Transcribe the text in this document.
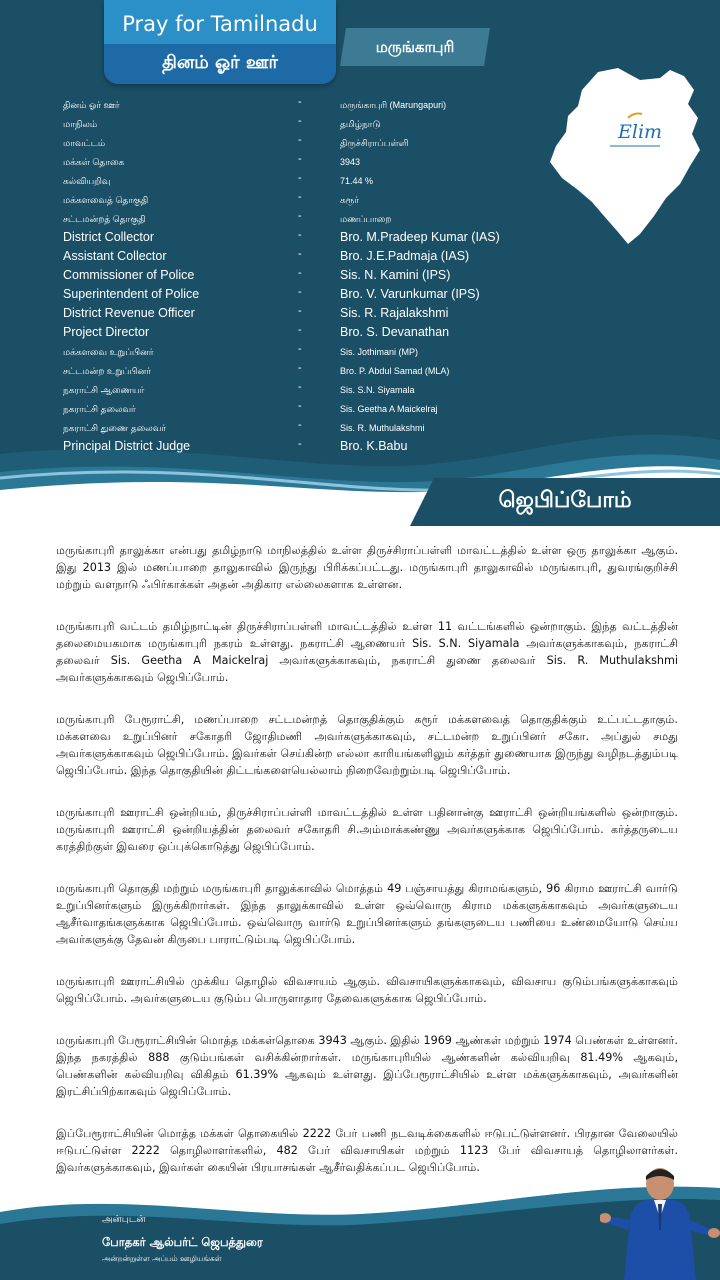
Pray for Tamilnadu
தினம் ஓர் ஊர்
மருங்காபுரி
தினம் ஓர் ஊர்	-	மருங்காபுரி (Marungapuri)
மாநிலம்	-	தமிழ்நாடு
மாவட்டம்	-	திருச்சிராப்பள்ளி
மக்கள் தொகை	-	3943
கல்வியறிவு	-	71.44 %
மக்களவைத் தொகுதி	-	கரூர்
சட்டமன்றத் தொகுதி	-	மணப்பாறை
District Collector	-	Bro. M.Pradeep Kumar (IAS)
Assistant Collector	-	Bro. J.E.Padmaja (IAS)
Commissioner of Police	-	Sis. N. Kamini (IPS)
Superintendent of Police	-	Bro. V. Varunkumar (IPS)
District Revenue Officer	-	Sis. R. Rajalakshmi
Project Director	-	Bro. S. Devanathan
மக்களவை உறுப்பினர்	-	Sis. Jothimani (MP)
சட்டமன்ற உறுப்பினர்	-	Bro. P. Abdul Samad (MLA)
நகராட்சி ஆணையர்	-	Sis. S.N. Siyamala
நகராட்சி தலைவர்	-	Sis. Geetha A Maickelraj
நகராட்சி துணை தலைவர்	-	Sis. R. Muthulakshmi
Principal District Judge	-	Bro. K.Babu
Elim
ஜெபிப்போம்

மருங்காபுரி தாலுக்கா என்பது தமிழ்நாடு மாநிலத்தில் உள்ள திருச்சிராப்பள்ளி மாவட்டத்தில் உள்ள ஒரு தாலுக்கா ஆகும். இது 2013 இல் மணப்பாறை தாலுகாவில் இருந்து பிரிக்கப்பட்டது. மருங்காபுரி தாலுகாவில் மருங்காபுரி, துவரங்குறிச்சி மற்றும் வளநாடு ஃபிர்காக்கள் அதன் அதிகார எல்லைகளாக உள்ளன.

மருங்காபுரி வட்டம் தமிழ்நாட்டின் திருச்சிராப்பள்ளி மாவட்டத்தில் உள்ள 11 வட்டங்களில் ஒன்றாகும். இந்த வட்டத்தின் தலைமையகமாக மருங்காபுரி நகரம் உள்ளது. நகராட்சி ஆணையர் Sis. S.N. Siyamala அவர்களுக்காகவும், நகராட்சி தலைவர் Sis. Geetha A Maickelraj அவர்களுக்காகவும், நகராட்சி துணை தலைவர் Sis. R. Muthulakshmi அவர்களுக்காகவும் ஜெபிப்போம்.

மருங்காபுரி பேரூராட்சி, மணப்பாறை சட்டமன்றத் தொகுதிக்கும் கரூர் மக்களவைத் தொகுதிக்கும் உட்பட்டதாகும். மக்களவை உறுப்பினர் சகோதரி ஜோதிமணி அவர்களுக்காகவும், சட்டமன்ற உறுப்பினர் சகோ. அப்துல் சமது அவர்களுக்காகவும் ஜெபிப்போம். இவர்கள் செய்கின்ற எல்லா காரியங்களிலும் கர்த்தர் துணையாக இருந்து வழிநடத்தும்படி ஜெபிப்போம். இந்த தொகுதியின் திட்டங்களையெல்லாம் நிறைவேற்றும்படி ஜெபிப்போம்.

மருங்காபுரி ஊராட்சி ஒன்றியம், திருச்சிராப்பள்ளி மாவட்டத்தில் உள்ள பதினான்கு ஊராட்சி ஒன்றியங்களில் ஒன்றாகும். மருங்காபுரி ஊராட்சி ஒன்றியத்தின் தலைவர் சகோதரி சி.அம்மாக்கண்ணு அவர்களுக்காக ஜெபிப்போம். கர்த்தருடைய கரத்திற்குள் இவரை ஒப்புக்கொடுத்து ஜெபிப்போம்.

மருங்காபுரி தொகுதி மற்றும் மருங்காபுரி தாலுக்காவில் மொத்தம் 49 பஞ்சாயத்து கிராமங்களும், 96 கிராம ஊராட்சி வார்டு உறுப்பினர்களும் இருக்கிறார்கள். இந்த தாலுக்காவில் உள்ள ஒவ்வொரு கிராம மக்களுக்காகவும் அவர்களுடைய ஆசீர்வாதங்களுக்காக ஜெபிப்போம். ஒவ்வொரு வார்டு உறுப்பினர்களும் தங்களுடைய பணியை உண்மையோடு செய்ய அவர்களுக்கு தேவன் கிருபை பாராட்டும்படி ஜெபிப்போம்.

மருங்காபுரி ஊராட்சியில் முக்கிய தொழில் விவசாயம் ஆகும். விவசாயிகளுக்காகவும், விவசாய குடும்பங்களுக்காகவும் ஜெபிப்போம். அவர்களுடைய குடும்ப பொருளாதார தேவைகளுக்காக ஜெபிப்போம்.

மருங்காபுரி பேரூராட்சியின் மொத்த மக்கள்தொகை 3943 ஆகும். இதில் 1969 ஆண்கள் மற்றும் 1974 பெண்கள் உள்ளனர். இந்த நகரத்தில் 888 குடும்பங்கள் வசிக்கின்றார்கள். மருங்காபுரியில் ஆண்களின் கல்வியறிவு 81.49% ஆகவும், பெண்களின் கல்வியறிவு விகிதம் 61.39% ஆகவும் உள்ளது. இப்பேரூராட்சியில் உள்ள மக்களுக்காகவும், அவர்களின் இரட்சிப்பிற்காகவும் ஜெபிப்போம்.

இப்பேரூராட்சியின் மொத்த மக்கள் தொகையில் 2222 பேர் பணி நடவடிக்கைகளில் ஈடுபட்டுள்ளனர். பிரதான வேலையில் ஈடுபட்டுள்ள 2222 தொழிலாளர்களில், 482 பேர் விவசாயிகள் மற்றும் 1123 பேர் விவசாயத் தொழிலாளர்கள். இவர்களுக்காகவும், இவர்கள் கையின் பிரயாசங்கள் ஆசீர்வதிக்கப்பட ஜெபிப்போம்.

அன்புடன்
போதகர் ஆல்பர்ட் ஜெபத்துரை
அன்றன்றுள்ள அப்பம் ஊழியங்கள்
